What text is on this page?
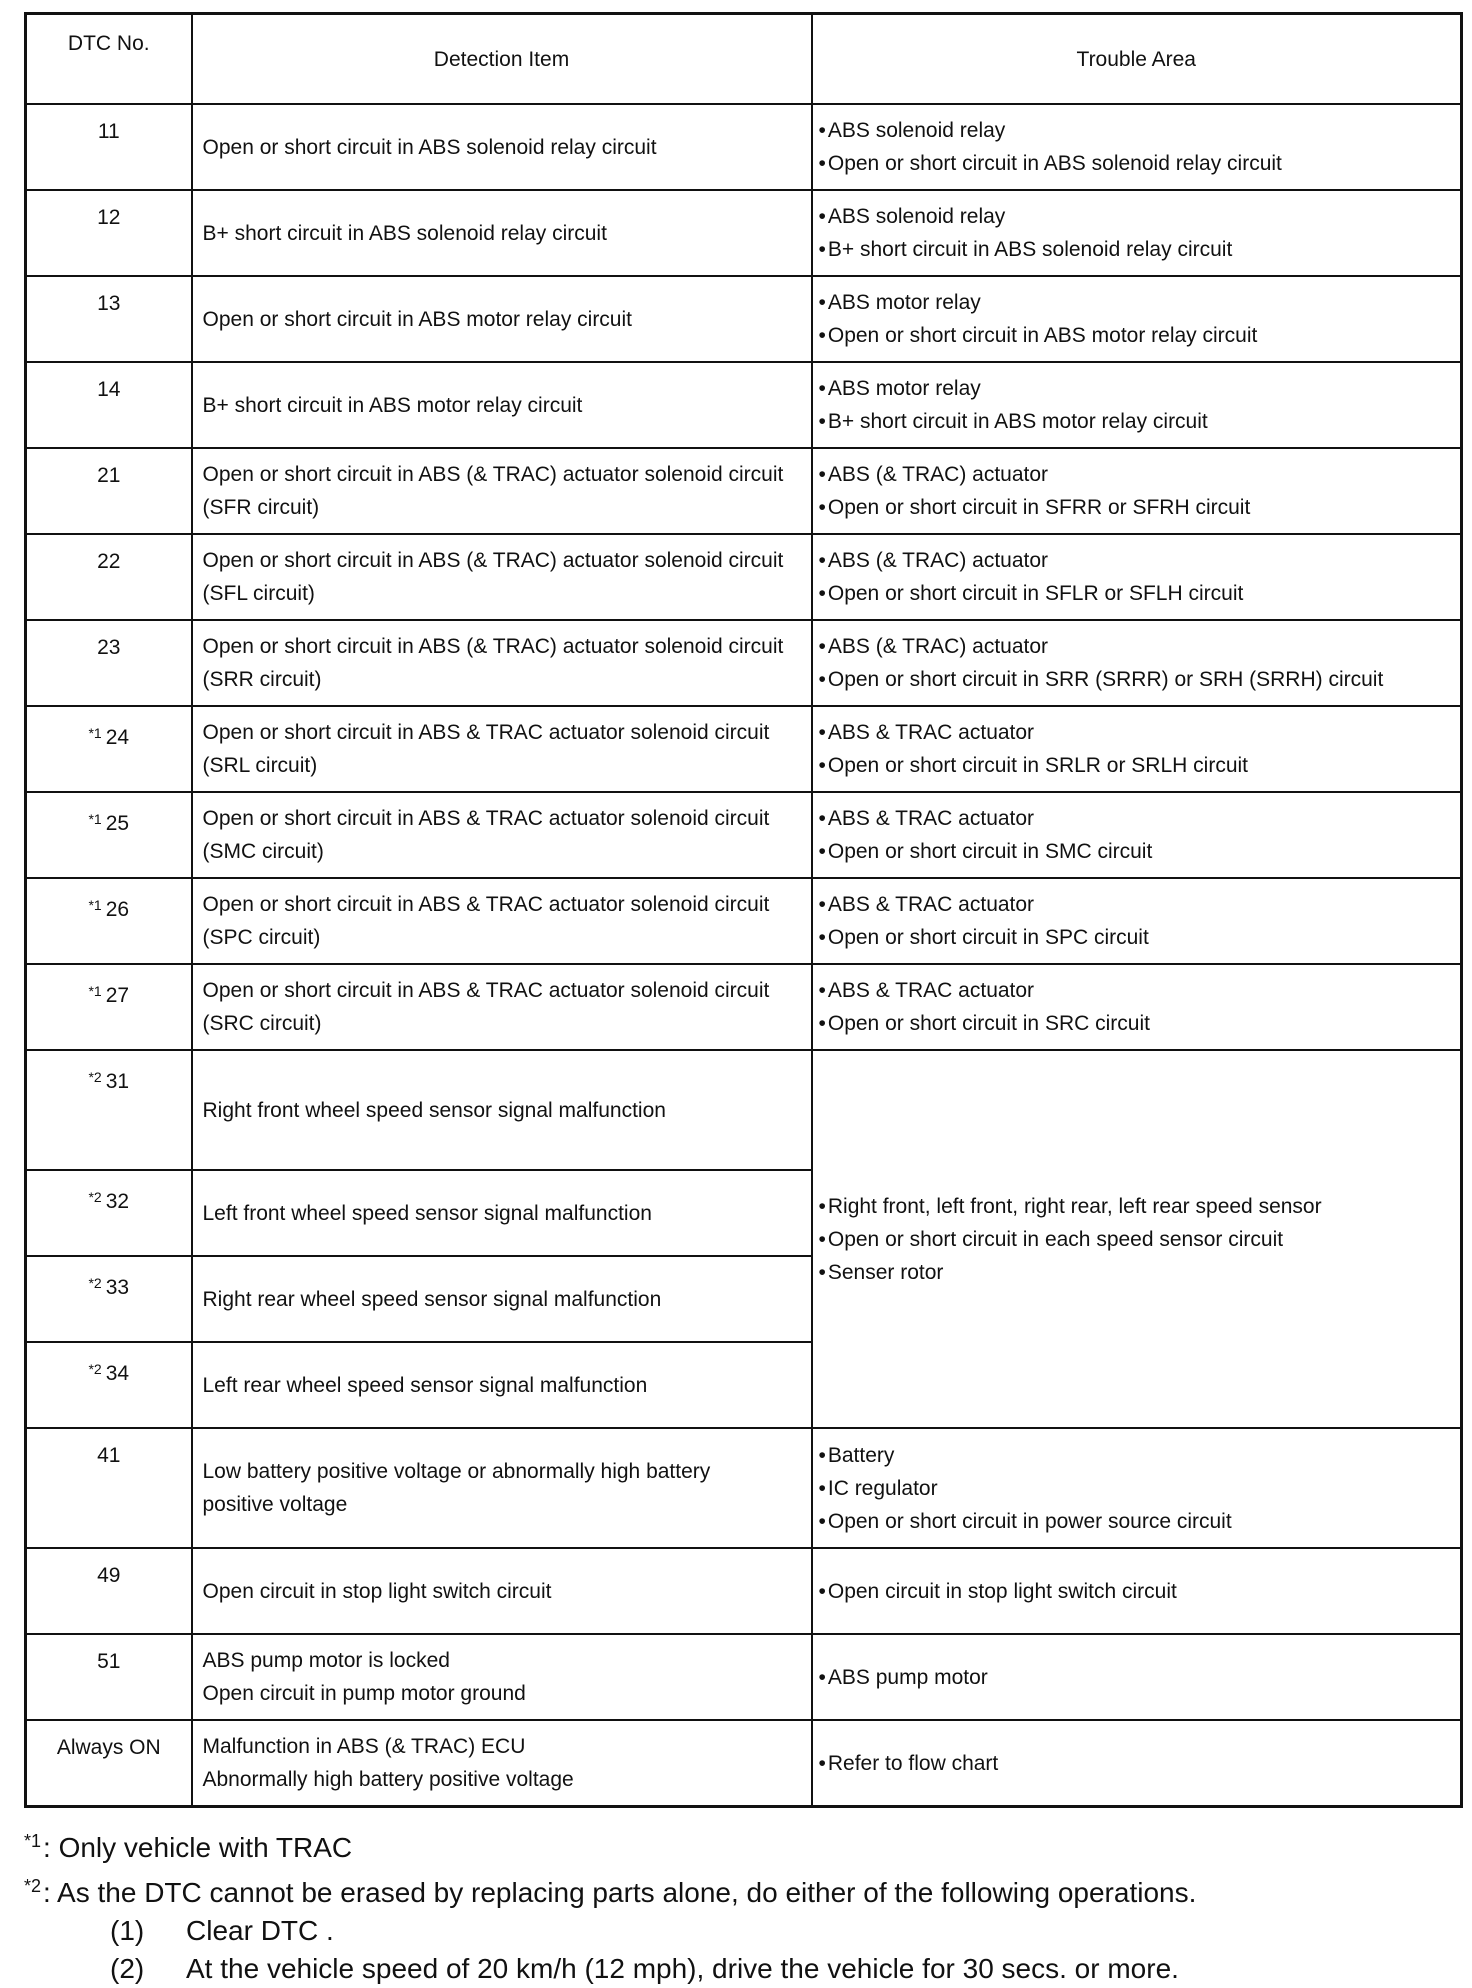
DTC No.	Detection Item	Trouble Area
11	Open or short circuit in ABS solenoid relay circuit	• ABS solenoid relay
• Open or short circuit in ABS solenoid relay circuit

12	B+ short circuit in ABS solenoid relay circuit	• ABS solenoid relay
• B+ short circuit in ABS solenoid relay circuit

13	Open or short circuit in ABS motor relay circuit	• ABS motor relay
• Open or short circuit in ABS motor relay circuit

14	B+ short circuit in ABS motor relay circuit	• ABS motor relay
• B+ short circuit in ABS motor relay circuit

21	Open or short circuit in ABS (& TRAC) actuator solenoid circuit
(SFR circuit)	• ABS (& TRAC) actuator
• Open or short circuit in SFRR or SFRH circuit

22	Open or short circuit in ABS (& TRAC) actuator solenoid circuit
(SFL circuit)	• ABS (& TRAC) actuator
• Open or short circuit in SFLR or SFLH circuit

23	Open or short circuit in ABS (& TRAC) actuator solenoid circuit
(SRR circuit)	• ABS (& TRAC) actuator
• Open or short circuit in SRR (SRRR) or SRH (SRRH) circuit

$^{*1}$ 24	Open or short circuit in ABS & TRAC actuator solenoid circuit
(SRL circuit)	• ABS & TRAC actuator
• Open or short circuit in SRLR or SRLH circuit

$^{*1}$ 25	Open or short circuit in ABS & TRAC actuator solenoid circuit
(SMC circuit)	• ABS & TRAC actuator
• Open or short circuit in SMC circuit

$^{*1}$ 26	Open or short circuit in ABS & TRAC actuator solenoid circuit
(SPC circuit)	• ABS & TRAC actuator
• Open or short circuit in SPC circuit

$^{*1}$ 27	Open or short circuit in ABS & TRAC actuator solenoid circuit
(SRC circuit)	• ABS & TRAC actuator
• Open or short circuit in SRC circuit

$^{*2}$ 31	Right front wheel speed sensor signal malfunction	• Right front, left front, right rear, left rear speed sensor
• Open or short circuit in each speed sensor circuit
• Senser rotor

$^{*2}$ 32	Left front wheel speed sensor signal malfunction	

$^{*2}$ 33	Right rear wheel speed sensor signal malfunction	

$^{*2}$ 34	Left rear wheel speed sensor signal malfunction	

41	Low battery positive voltage or abnormally high battery
positive voltage	• Battery
• IC regulator
• Open or short circuit in power source circuit

49	Open circuit in stop light switch circuit	• Open circuit in stop light switch circuit

51	ABS pump motor is locked
Open circuit in pump motor ground	• ABS pump motor

Always ON	Malfunction in ABS (& TRAC) ECU
Abnormally high battery positive voltage	• Refer to flow chart
$^{*1}$: Only vehicle with TRAC
$^{*2}$: As the DTC cannot be erased by replacing parts alone, do either of the following operations.
(1) Clear DTC .
(2) At the vehicle speed of 20 km/h (12 mph), drive the vehicle for 30 secs. or more.
